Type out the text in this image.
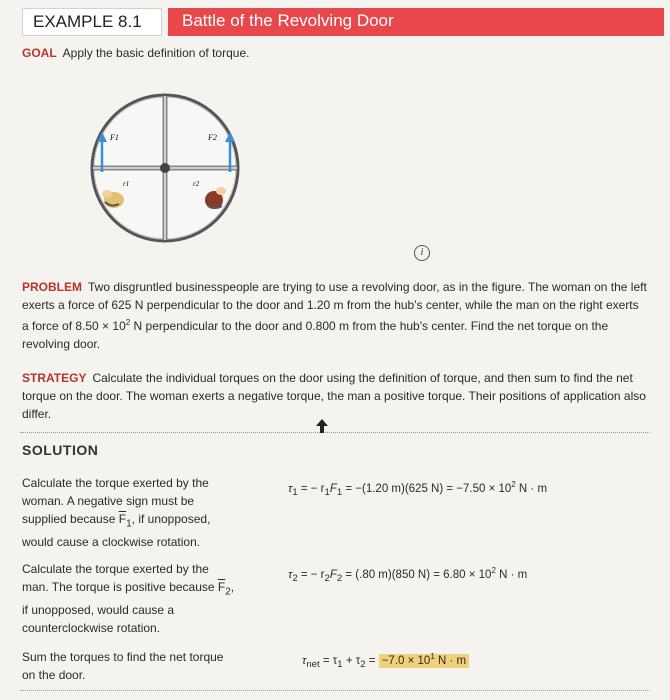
EXAMPLE 8.1	Battle of the Revolving Door
GOAL Apply the basic definition of torque.
F1	F2
r1	r2
i
PROBLEM Two disgruntled businesspeople are trying to use a revolving door, as in the figure. The woman on the left exerts a force of 625 N perpendicular to the door and 1.20 m from the hub's center, while the man on the right exerts a force of $8.50 \times 10^2$ N perpendicular to the door and 0.800 m from the hub's center. Find the net torque on the revolving door.
STRATEGY Calculate the individual torques on the door using the definition of torque, and then sum to find the net torque on the door. The woman exerts a negative torque, the man a positive torque. Their positions of application also differ.
SOLUTION
Calculate the torque exerted by the woman. A negative sign must be supplied because $\overline{F}_1$, if unopposed, would cause a clockwise rotation.
$\tau_1$ = − $r_1F_1 = -(1.20$ m)(625 $N) = -7.50 \times 10^2$ N · m
Calculate the torque exerted by the man. The torque is positive because $\overline{F}_2$, if unopposed, would cause a counterclockwise rotation.
$\tau_2$ = − $r_2F_2 = (.80$ m)(850 $N) = 6.80 \times 10^2$ N · m
Sum the torques to find the net torque on the door.
$\tau_{net} = \tau_1 + \tau_2 = -7.0 \times 10^1$ N · m
